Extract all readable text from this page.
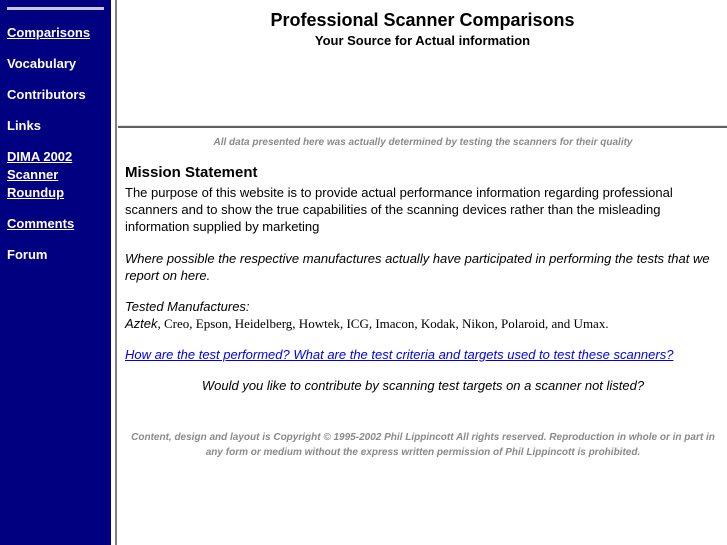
Comparisons
Vocabulary
Contributors
Links
DIMA 2002 Scanner Roundup
Comments
Forum
Professional Scanner Comparisons
Your Source for Actual information
All data presented here was actually determined by testing the scanners for their quality
Mission Statement
The purpose of this website is to provide actual performance information regarding professional scanners and to show the true capabilities of the scanning devices rather than the misleading information supplied by marketing
Where possible the respective manufactures actually have participated in performing the tests that we report on here.
Tested Manufactures:
Aztek, Creo, Epson, Heidelberg, Howtek, ICG, Imacon, Kodak, Nikon, Polaroid, and Umax.
How are the test performed? What are the test criteria and targets used to test these scanners?
Would you like to contribute by scanning test targets on a scanner not listed?
Content, design and layout is Copyright © 1995-2002 Phil Lippincott All rights reserved. Reproduction in whole or in part in any form or medium without the express written permission of Phil Lippincott is prohibited.
